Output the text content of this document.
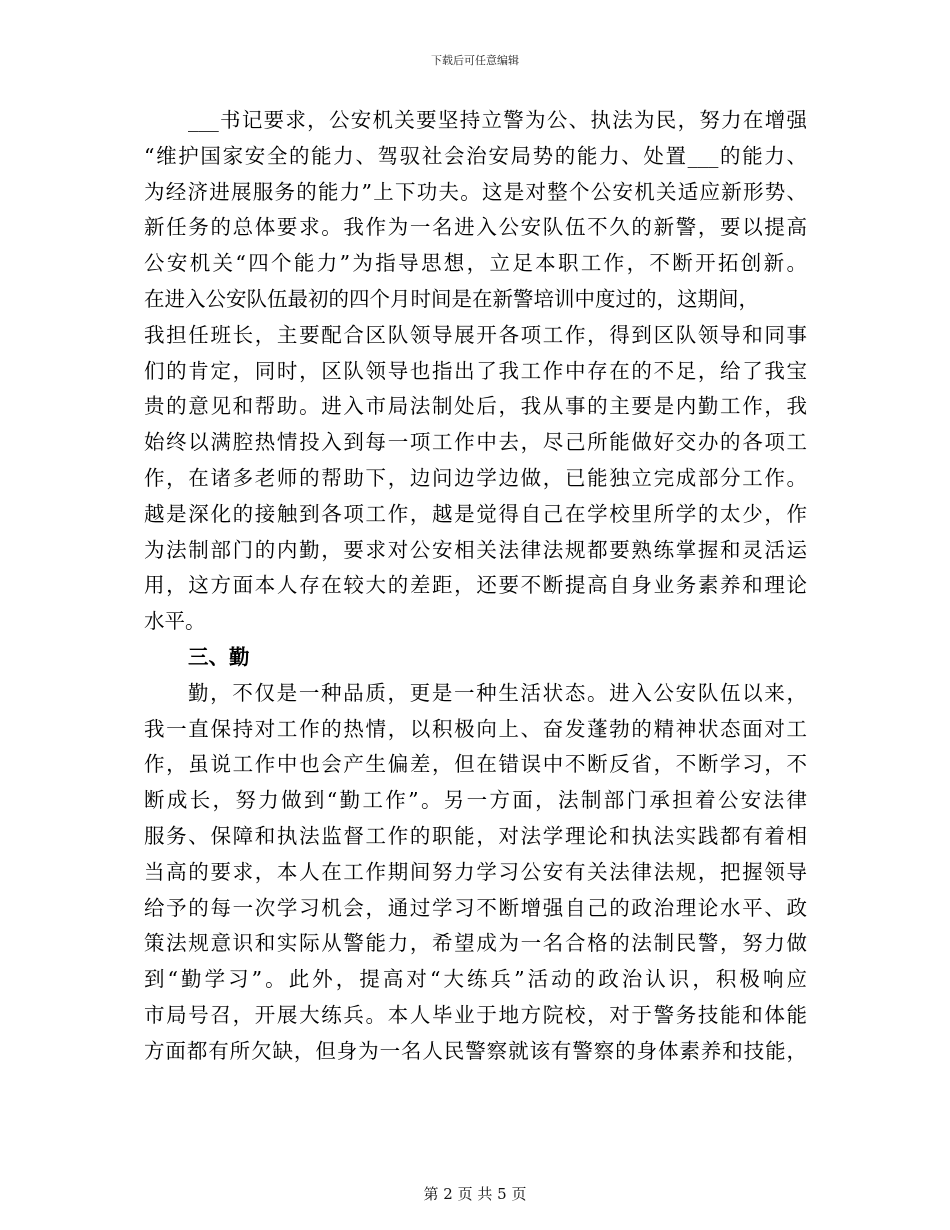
下载后可任意编辑
___书记要求，公安机关要坚持立警为公、执法为民，努力在增强
“维护国家安全的能力、驾驭社会治安局势的能力、处置___的能力、
为经济进展服务的能力”上下功夫。这是对整个公安机关适应新形势、
新任务的总体要求。我作为一名进入公安队伍不久的新警，要以提高
公安机关“四个能力”为指导思想，立足本职工作，不断开拓创新。
在进入公安队伍最初的四个月时间是在新警培训中度过的，这期间，
我担任班长，主要配合区队领导展开各项工作，得到区队领导和同事
们的肯定，同时，区队领导也指出了我工作中存在的不足，给了我宝
贵的意见和帮助。进入市局法制处后，我从事的主要是内勤工作，我
始终以满腔热情投入到每一项工作中去，尽己所能做好交办的各项工
作，在诸多老师的帮助下，边问边学边做，已能独立完成部分工作。
越是深化的接触到各项工作，越是觉得自己在学校里所学的太少，作
为法制部门的内勤，要求对公安相关法律法规都要熟练掌握和灵活运
用，这方面本人存在较大的差距，还要不断提高自身业务素养和理论
水平。
三、勤
勤，不仅是一种品质，更是一种生活状态。进入公安队伍以来，
我一直保持对工作的热情，以积极向上、奋发蓬勃的精神状态面对工
作，虽说工作中也会产生偏差，但在错误中不断反省，不断学习，不
断成长，努力做到“勤工作”。另一方面，法制部门承担着公安法律
服务、保障和执法监督工作的职能，对法学理论和执法实践都有着相
当高的要求，本人在工作期间努力学习公安有关法律法规，把握领导
给予的每一次学习机会，通过学习不断增强自己的政治理论水平、政
策法规意识和实际从警能力，希望成为一名合格的法制民警，努力做
到“勤学习”。此外，提高对“大练兵”活动的政治认识，积极响应
市局号召，开展大练兵。本人毕业于地方院校，对于警务技能和体能
方面都有所欠缺，但身为一名人民警察就该有警察的身体素养和技能，
第 2 页 共 5 页
